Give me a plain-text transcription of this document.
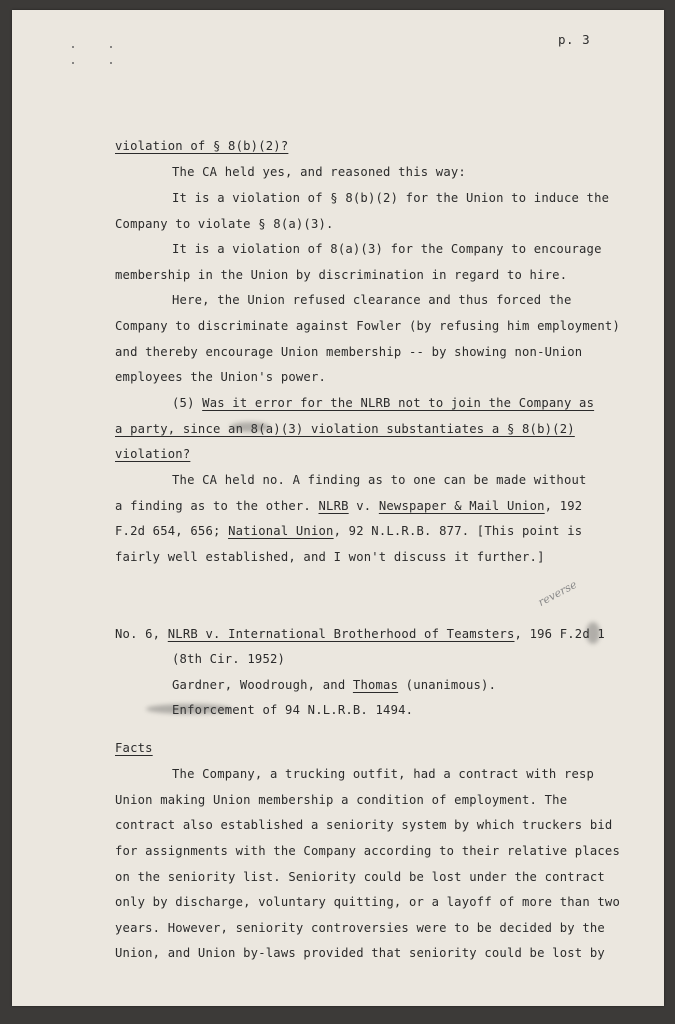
p. 3
violation of § 8(b)(2)?
The CA held yes, and reasoned this way:
It is a violation of § 8(b)(2) for the Union to induce the
Company to violate § 8(a)(3).
It is a violation of 8(a)(3) for the Company to encourage
membership in the Union by discrimination in regard to hire.
Here, the Union refused clearance and thus forced the
Company to discriminate against Fowler (by refusing him employment)
and thereby encourage Union membership -- by showing non-Union
employees the Union's power.
(5) Was it error for the NLRB not to join the Company as
a party, since an 8(a)(3) violation substantiates a § 8(b)(2)
violation?
The CA held no. A finding as to one can be made without
a finding as to the other. NLRB v. Newspaper & Mail Union, 192
F.2d 654, 656; National Union, 92 N.L.R.B. 877. [This point is
fairly well established, and I won't discuss it further.]
reverse
No. 6, NLRB v. International Brotherhood of Teamsters, 196 F.2d 1
(8th Cir. 1952)
Gardner, Woodrough, and Thomas (unanimous).
Enforcement of 94 N.L.R.B. 1494.
Facts
The Company, a trucking outfit, had a contract with resp
Union making Union membership a condition of employment. The
contract also established a seniority system by which truckers bid
for assignments with the Company according to their relative places
on the seniority list. Seniority could be lost under the contract
only by discharge, voluntary quitting, or a layoff of more than two
years. However, seniority controversies were to be decided by the
Union, and Union by-laws provided that seniority could be lost by
